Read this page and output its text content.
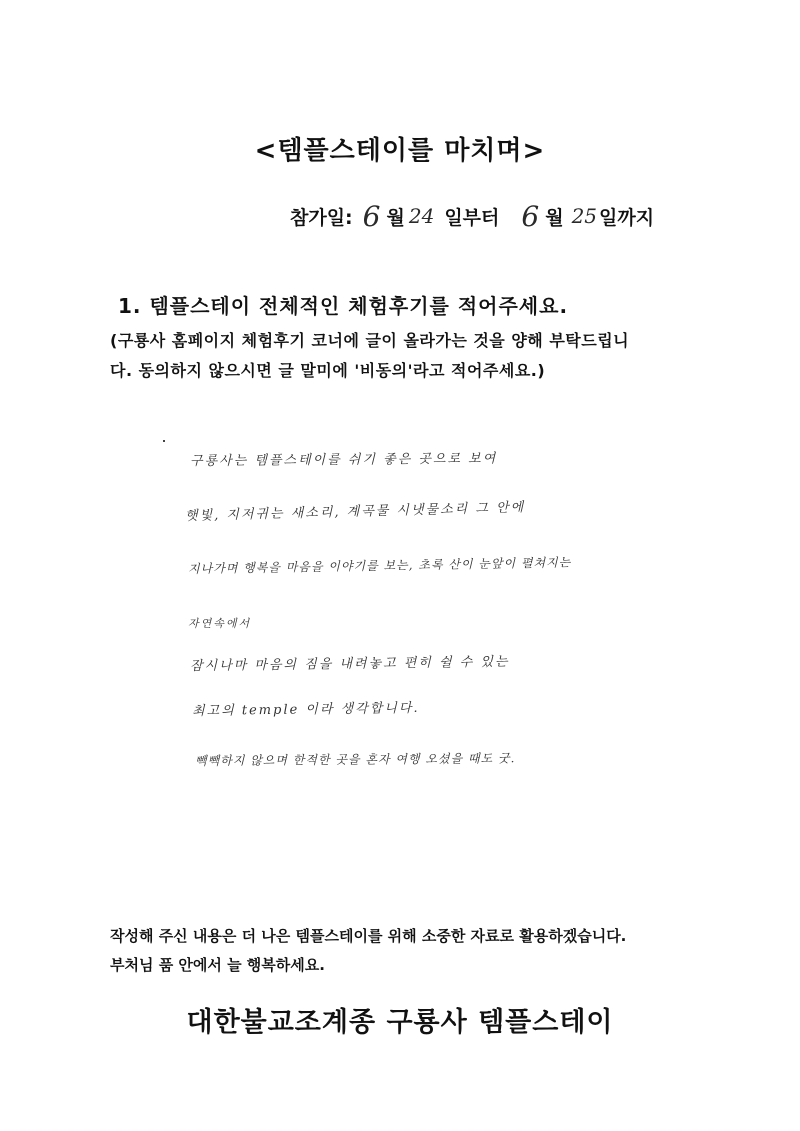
<템플스테이를 마치며>
참가일: 6 월 24 일부터 6 월 25 일까지
1. 템플스테이 전체적인 체험후기를 적어주세요.
(구룡사 홈페이지 체험후기 코너에 글이 올라가는 것을 양해 부탁드립니
다. 동의하지 않으시면 글 말미에 '비동의'라고 적어주세요.)
구룡사는 템플스테이를 쉬기 좋은 곳으로 보여
햇빛, 지저귀는 새소리, 계곡물 시냇물소리 그 안에
지나가며 행복을 마음을 이야기를 보는, 초록 산이 눈앞이 펼쳐지는
자연속에서
잠시나마 마음의 짐을 내려놓고 편히 쉴 수 있는
최고의 temple 이라 생각합니다.
빽빽하지 않으며 한적한 곳을 혼자 여행 오셨을 때도 굿.
작성해 주신 내용은 더 나은 템플스테이를 위해 소중한 자료로 활용하겠습니다.
부처님 품 안에서 늘 행복하세요.
대한불교조계종 구룡사 템플스테이
